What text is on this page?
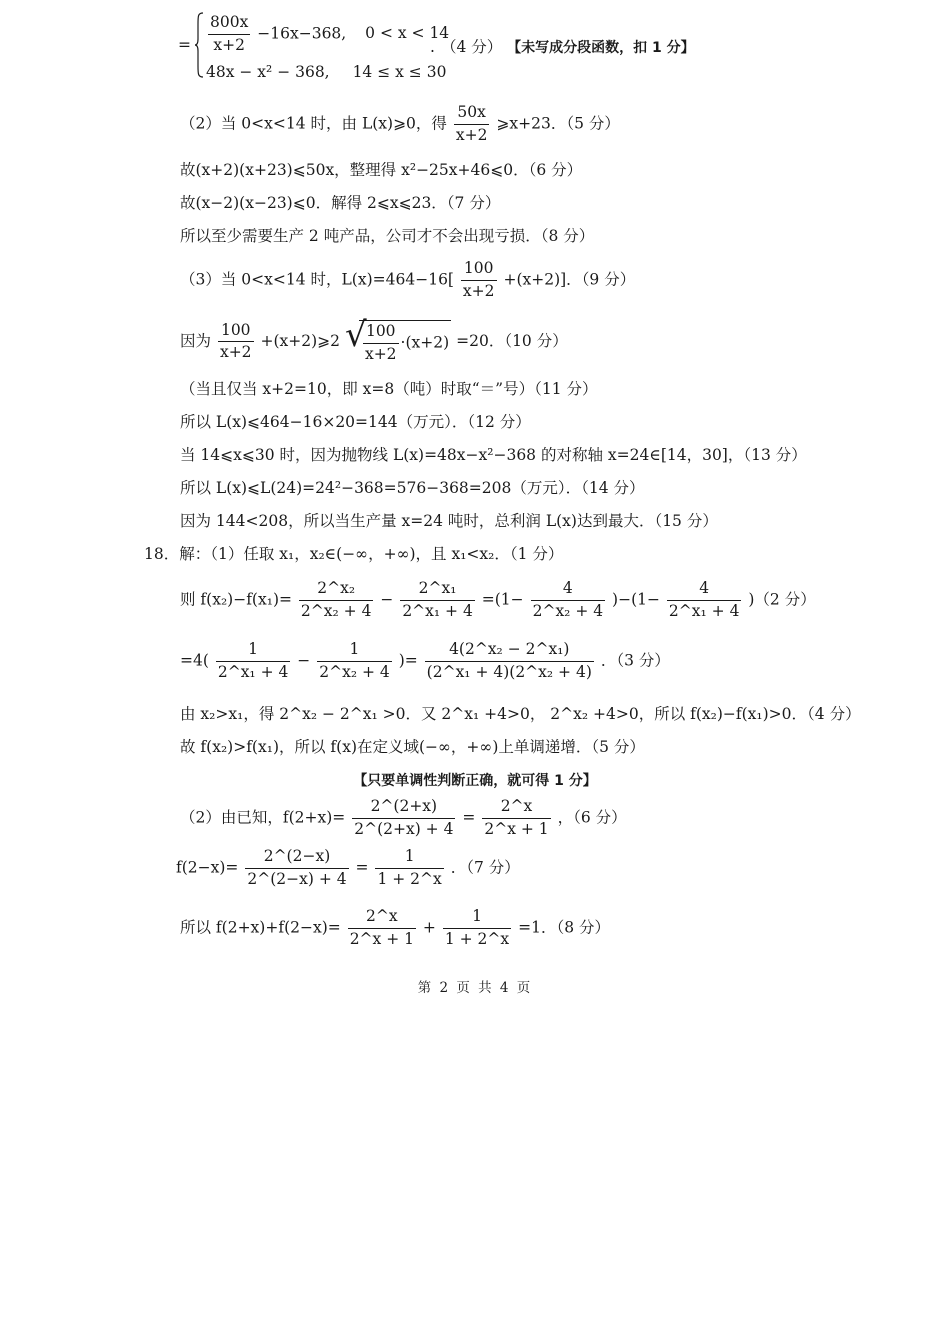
= $\frac{800x}{x+2} -16x-368$, 0 < x < 14
. （4 分） 【未写成分段函数，扣 1 分】
48x − x² − 368, 14 ≤ x ≤ 30
（2）当 0<x<14 时，由 L(x)⩾0，得 $\frac{50x}{x+2}$ ⩾x+23．（5 分）
故(x+2)(x+23)⩽50x，整理得 x²−25x+46⩽0．（6 分）
故(x−2)(x−23)⩽0．解得 2⩽x⩽23．（7 分）
所以至少需要生产 2 吨产品，公司才不会出现亏损．（8 分）
（3）当 0<x<14 时，$L(x)=464-16[ \frac{100}{x+2} +(x+2)]$．（9 分）
因为 $\frac{100}{x+2}$ +(x+2)⩾2 √
$\frac{100}{x+2} \cdot(x+2) =20$．（10 分）
（当且仅当 x+2=10，即 x=8（吨）时取“＝”号）（11 分）
所以 L(x)⩽464−16×20=144（万元）．（12 分）
当 14⩽x⩽30 时，因为抛物线 L(x)=48x−x²−368 的对称轴 x=24∈[14，30]，（13 分）
所以 L(x)⩽L(24)=24²−368=576−368=208（万元）．（14 分）
因为 144<208，所以当生产量 x=24 吨时，总利润 L(x)达到最大．（15 分）
18．解：（1）任取 x₁，x₂∈(−∞，+∞)，且 x₁<x₂．（1 分）
则 $f(x_2)-f(x_1)= \frac{\text{2\textasciicircum{}x₂}}{\text{2\textasciicircum{}x₂ + 4}} - \frac{\text{2\textasciicircum{}x₁}}{\text{2\textasciicircum{}x₁ + 4}} =(1- \frac{4}{\text{2\textasciicircum{}x₂ + 4}} )-(1- \frac{4}{\text{2\textasciicircum{}x₁ + 4}} )(2$ 分）
$=4( \frac{1}{\text{2\textasciicircum{}x₁ + 4}} - \frac{1}{\text{2\textasciicircum{}x₂ + 4}}$ )= $\frac{\text{4(2\textasciicircum{}x₂ − 2\textasciicircum{}x₁)}}{\text{(2\textasciicircum{}x₁ + 4)(2\textasciicircum{}x₂ + 4)}}$ ．（3 分）
由 x₂>x₁，得 2^x₂ − 2^x₁ >0．又 2^x₁ +4>0， 2^x₂ +4>0，所以 f(x₂)−f(x₁)>0．（4 分）
故 f(x₂)>f(x₁)，所以 f(x)在定义域(−∞，+∞)上单调递增．（5 分）
【只要单调性判断正确，就可得 1 分】
（2）由已知，$f(2+x)= \frac{2\^{}(2+x)}{2\^{}(2+x) + 4} = \frac{2\^{}x}{2\^{}x + 1}$ ，（6 分）
$f(2-x)= \frac{2\^{}(2-x)}{2\^{}(2-x) + 4} = \frac{1}{1 + 2\^{}x}$ ．（7 分）
所以 $f(2+x)+f(2-x)= \frac{2\^{}x}{2\^{}x + 1} + \frac{1}{1 + 2\^{}x} =1$．（8 分）
第 2 页 共 4 页
